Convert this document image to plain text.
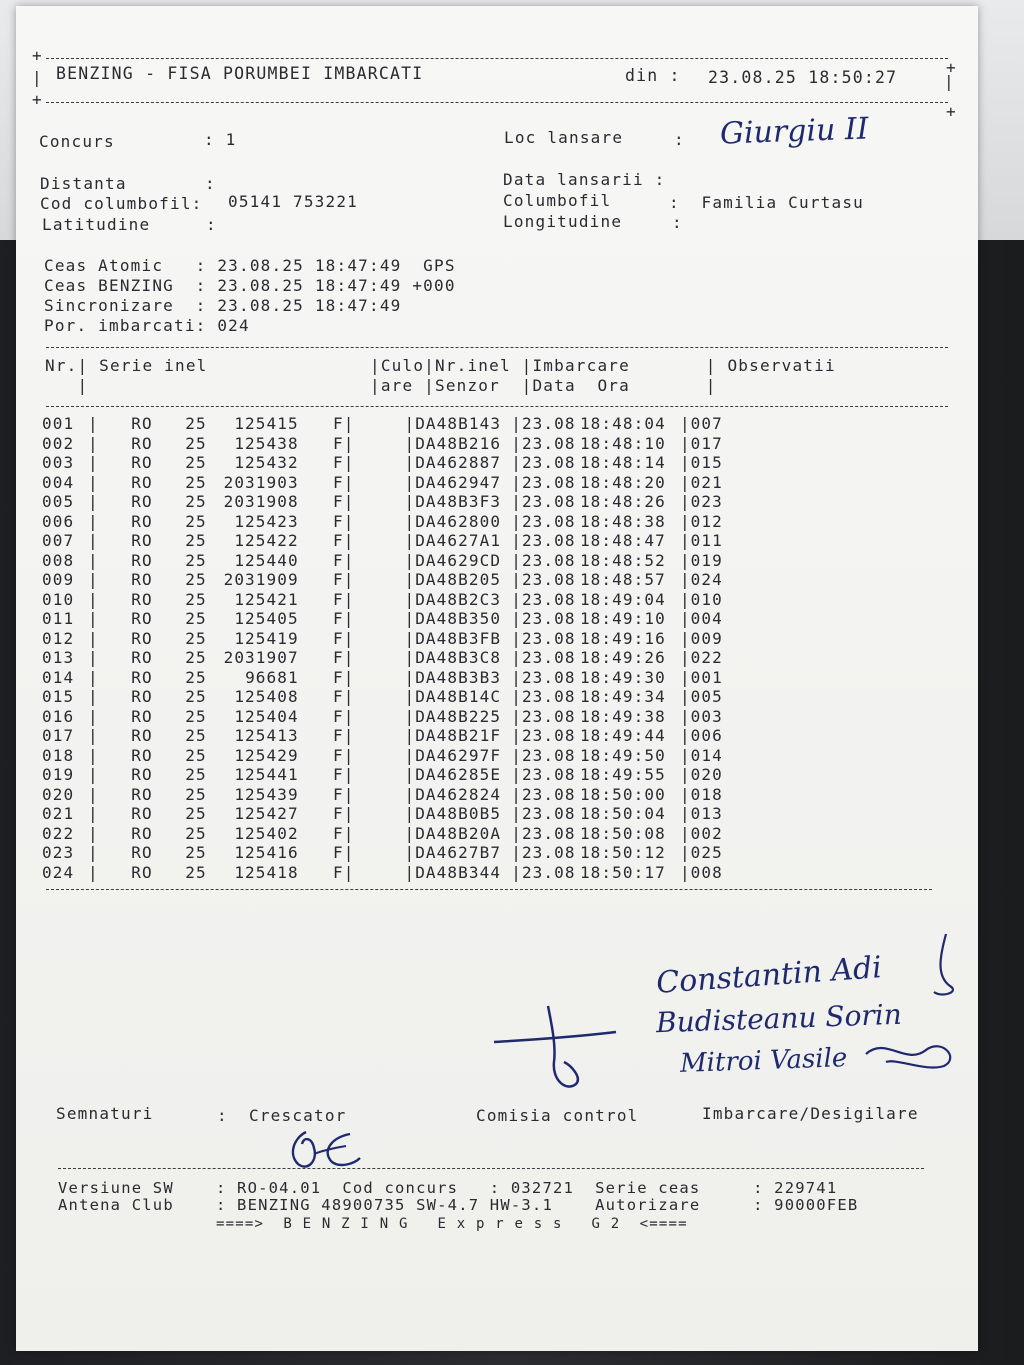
+
+
| BENZING - FISA PORUMBEI IMBARCATI	din : 23.08.25 18:50:27	|
+
+
Concurs	: 1	Loc lansare	: Giurgiu II
Distanta	:	Data lansarii :
Cod columbofil: 05141 753221	Columbofil	:  Familia Curtasu
Latitudine	:	Longitudine	:
Ceas Atomic   : 23.08.25 18:47:49  GPS
Ceas BENZING  : 23.08.25 18:47:49 +000
Sincronizare  : 23.08.25 18:47:49
Por. imbarcati: 024
Nr.| Serie inel               |Culo|Nr.inel |Imbarcare       | Observatii
|                          |are |Senzor  |Data  Ora       |
001	|	RO	25	125415	F	|		|	DA48B143	|	23.08	18:48:04	|	007
002	|	RO	25	125438	F	|		|	DA48B216	|	23.08	18:48:10	|	017
003	|	RO	25	125432	F	|		|	DA462887	|	23.08	18:48:14	|	015
004	|	RO	25	2031903	F	|		|	DA462947	|	23.08	18:48:20	|	021
005	|	RO	25	2031908	F	|		|	DA48B3F3	|	23.08	18:48:26	|	023
006	|	RO	25	125423	F	|		|	DA462800	|	23.08	18:48:38	|	012
007	|	RO	25	125422	F	|		|	DA4627A1	|	23.08	18:48:47	|	011
008	|	RO	25	125440	F	|		|	DA4629CD	|	23.08	18:48:52	|	019
009	|	RO	25	2031909	F	|		|	DA48B205	|	23.08	18:48:57	|	024
010	|	RO	25	125421	F	|		|	DA48B2C3	|	23.08	18:49:04	|	010
011	|	RO	25	125405	F	|		|	DA48B350	|	23.08	18:49:10	|	004
012	|	RO	25	125419	F	|		|	DA48B3FB	|	23.08	18:49:16	|	009
013	|	RO	25	2031907	F	|		|	DA48B3C8	|	23.08	18:49:26	|	022
014	|	RO	25	96681	F	|		|	DA48B3B3	|	23.08	18:49:30	|	001
015	|	RO	25	125408	F	|		|	DA48B14C	|	23.08	18:49:34	|	005
016	|	RO	25	125404	F	|		|	DA48B225	|	23.08	18:49:38	|	003
017	|	RO	25	125413	F	|		|	DA48B21F	|	23.08	18:49:44	|	006
018	|	RO	25	125429	F	|		|	DA46297F	|	23.08	18:49:50	|	014
019	|	RO	25	125441	F	|		|	DA46285E	|	23.08	18:49:55	|	020
020	|	RO	25	125439	F	|		|	DA462824	|	23.08	18:50:00	|	018
021	|	RO	25	125427	F	|		|	DA48B0B5	|	23.08	18:50:04	|	013
022	|	RO	25	125402	F	|		|	DA48B20A	|	23.08	18:50:08	|	002
023	|	RO	25	125416	F	|		|	DA4627B7	|	23.08	18:50:12	|	025
024	|	RO	25	125418	F	|		|	DA48B344	|	23.08	18:50:17	|	008
Constantin Adi
Budisteanu Sorin
Mitroi Vasile
Semnaturi	: Crescator	Comisia control	Imbarcare/Desigilare
Versiune SW    : RO-04.01  Cod concurs   : 032721  Serie ceas     : 229741
Antena Club    : BENZING 48900735 SW-4.7 HW-3.1    Autorizare     : 90000FEB
====>  B E N Z I N G   E x p r e s s   G 2  <====
